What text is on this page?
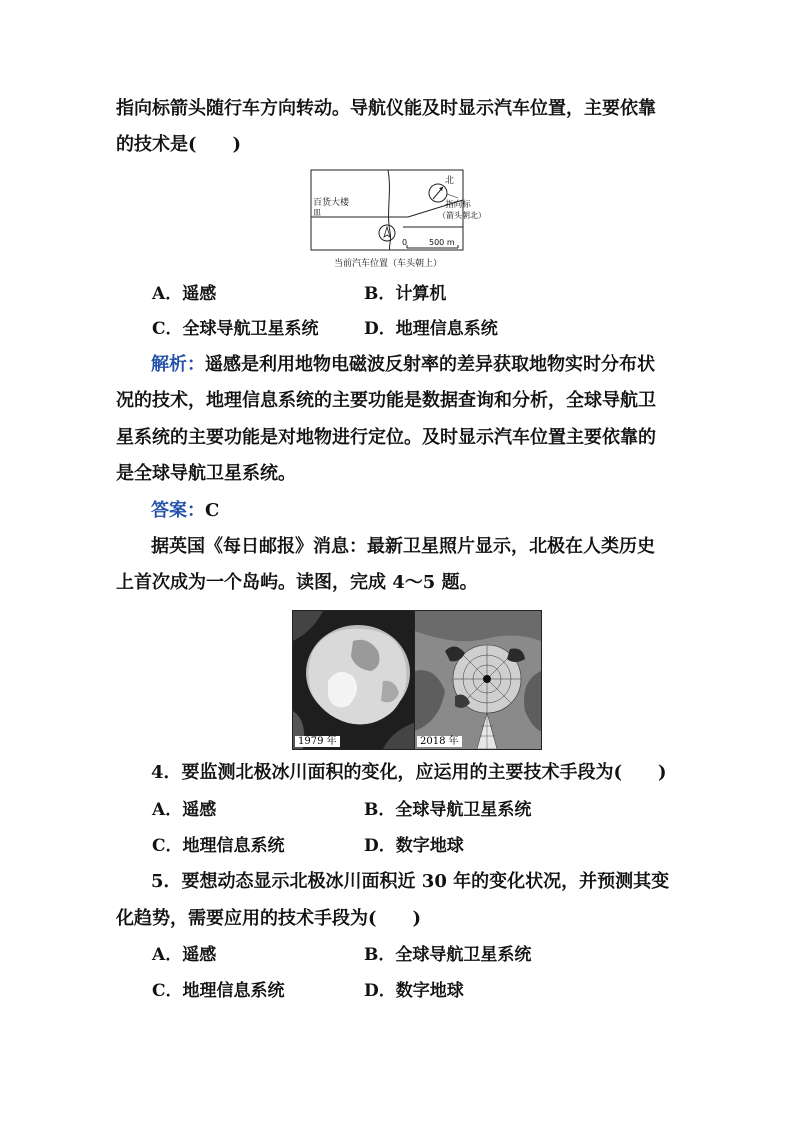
指向标箭头随行车方向转动。导航仪能及时显示汽车位置，主要依靠
的技术是(　　)
百货大楼
皿
北
指向标
（箭头朝北）
0	500 m
当前汽车位置（车头朝上）
A．遥感	B．计算机
C．全球导航卫星系统	D．地理信息系统
解析：遥感是利用地物电磁波反射率的差异获取地物实时分布状
况的技术，地理信息系统的主要功能是数据查询和分析，全球导航卫
星系统的主要功能是对地物进行定位。及时显示汽车位置主要依靠的
是全球导航卫星系统。
答案：C
据英国《每日邮报》消息：最新卫星照片显示，北极在人类历史
上首次成为一个岛屿。读图，完成 4～5 题。
1979 年	2018 年
4．要监测北极冰川面积的变化，应运用的主要技术手段为(　　)
A．遥感	B．全球导航卫星系统
C．地理信息系统	D．数字地球
5．要想动态显示北极冰川面积近 30 年的变化状况，并预测其变
化趋势，需要应用的技术手段为(　　)
A．遥感	B．全球导航卫星系统
C．地理信息系统	D．数字地球
